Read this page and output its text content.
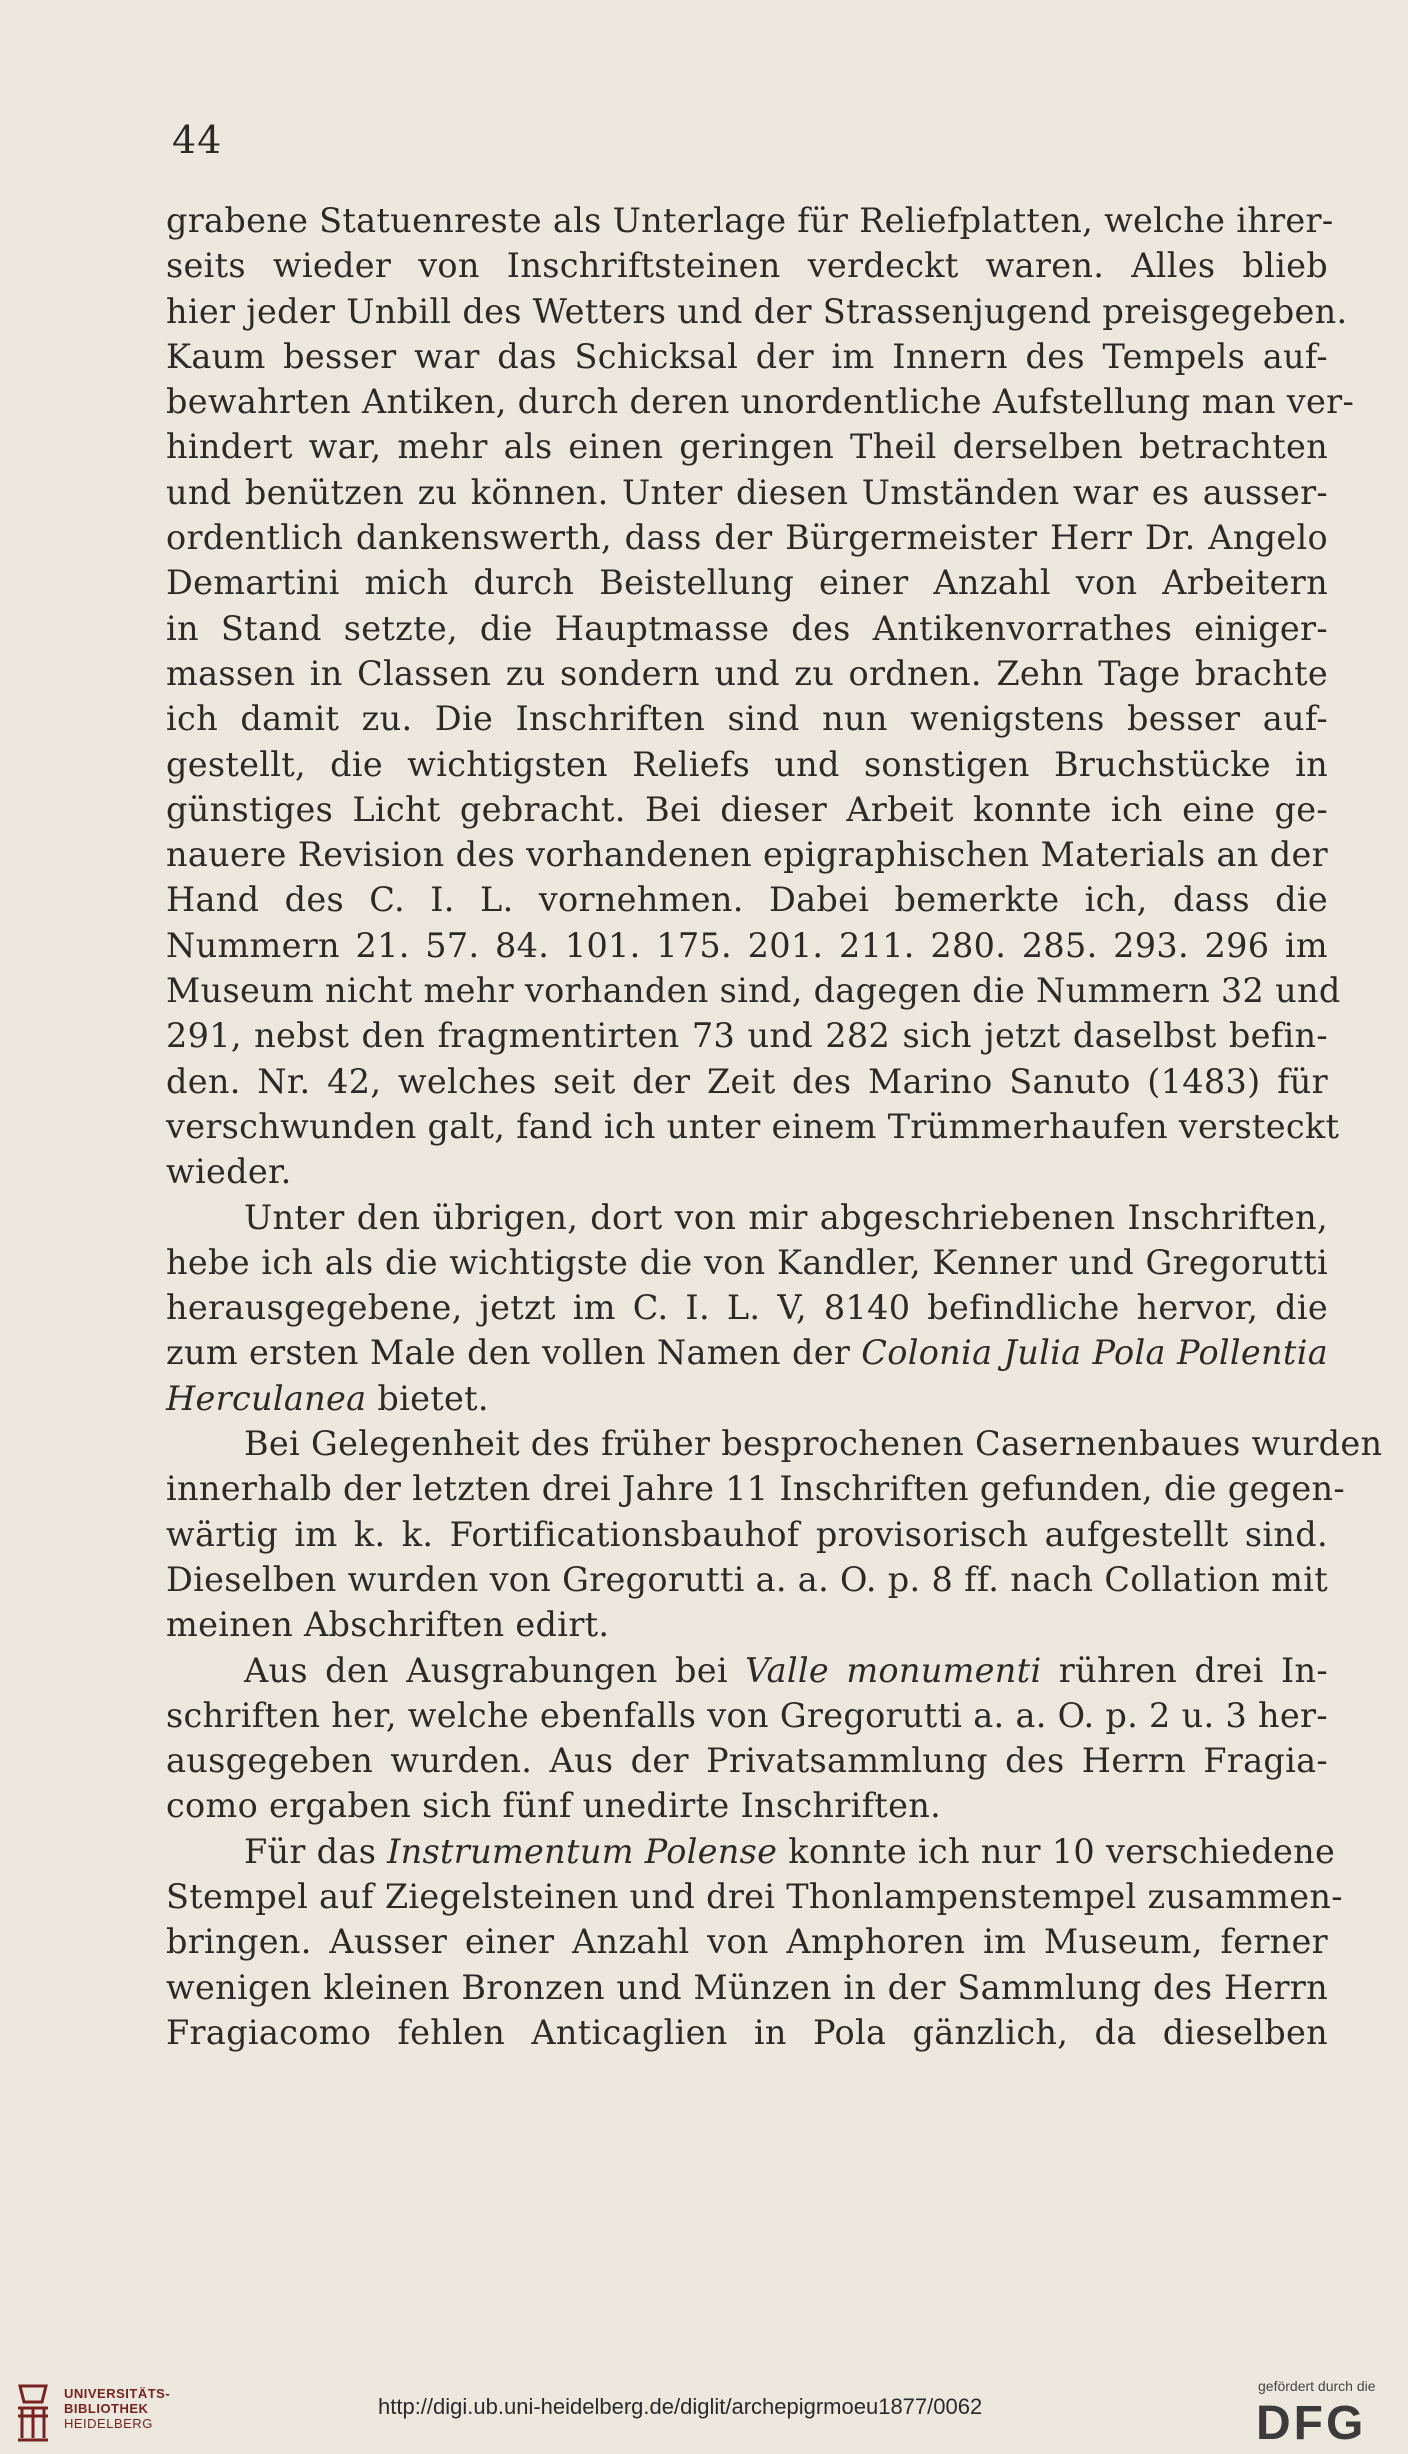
44
grabene Statuenreste als Unterlage für Reliefplatten, welche ihrer-
seits wieder von Inschriftsteinen verdeckt waren. Alles blieb
hier jeder Unbill des Wetters und der Strassenjugend preisgegeben.
Kaum besser war das Schicksal der im Innern des Tempels auf-
bewahrten Antiken, durch deren unordentliche Aufstellung man ver-
hindert war, mehr als einen geringen Theil derselben betrachten
und benützen zu können. Unter diesen Umständen war es ausser-
ordentlich dankenswerth, dass der Bürgermeister Herr Dr. Angelo
Demartini mich durch Beistellung einer Anzahl von Arbeitern
in Stand setzte, die Hauptmasse des Antikenvorrathes einiger-
massen in Classen zu sondern und zu ordnen. Zehn Tage brachte
ich damit zu. Die Inschriften sind nun wenigstens besser auf-
gestellt, die wichtigsten Reliefs und sonstigen Bruchstücke in
günstiges Licht gebracht. Bei dieser Arbeit konnte ich eine ge-
nauere Revision des vorhandenen epigraphischen Materials an der
Hand des C. I. L. vornehmen. Dabei bemerkte ich, dass die
Nummern 21. 57. 84. 101. 175. 201. 211. 280. 285. 293. 296 im
Museum nicht mehr vorhanden sind, dagegen die Nummern 32 und
291, nebst den fragmentirten 73 und 282 sich jetzt daselbst befin-
den. Nr. 42, welches seit der Zeit des Marino Sanuto (1483) für
verschwunden galt, fand ich unter einem Trümmerhaufen versteckt
wieder.
Unter den übrigen, dort von mir abgeschriebenen Inschriften,
hebe ich als die wichtigste die von Kandler, Kenner und Gregorutti
herausgegebene, jetzt im C. I. L. V, 8140 befindliche hervor, die
zum ersten Male den vollen Namen der Colonia Julia Pola Pollentia
Herculanea bietet.
Bei Gelegenheit des früher besprochenen Casernenbaues wurden
innerhalb der letzten drei Jahre 11 Inschriften gefunden, die gegen-
wärtig im k. k. Fortificationsbauhof provisorisch aufgestellt sind.
Dieselben wurden von Gregorutti a. a. O. p. 8 ff. nach Collation mit
meinen Abschriften edirt.
Aus den Ausgrabungen bei Valle monumenti rühren drei In-
schriften her, welche ebenfalls von Gregorutti a. a. O. p. 2 u. 3 her-
ausgegeben wurden. Aus der Privatsammlung des Herrn Fragia-
como ergaben sich fünf unedirte Inschriften.
Für das Instrumentum Polense konnte ich nur 10 verschiedene
Stempel auf Ziegelsteinen und drei Thonlampenstempel zusammen-
bringen. Ausser einer Anzahl von Amphoren im Museum, ferner
wenigen kleinen Bronzen und Münzen in der Sammlung des Herrn
Fragiacomo fehlen Anticaglien in Pola gänzlich, da dieselben
UNIVERSITÄTS-
BIBLIOTHEK
HEIDELBERG
http://digi.ub.uni-heidelberg.de/diglit/archepigrmoeu1877/0062
gefördert durch die
DFG
